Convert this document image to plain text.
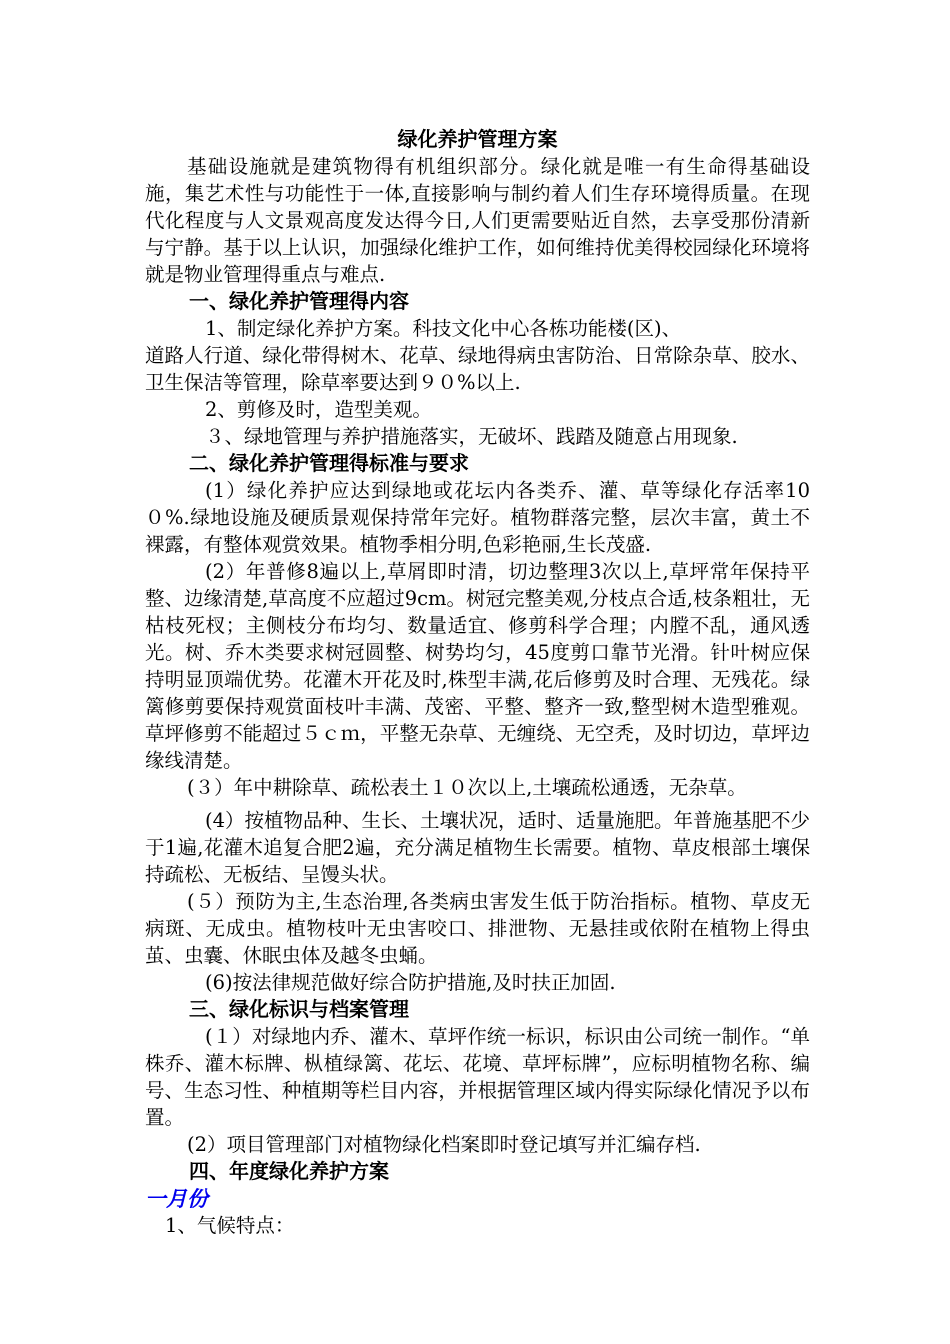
绿化养护管理方案

基础设施就是建筑物得有机组织部分。绿化就是唯一有生命得基础设施，集艺术性与功能性于一体,直接影响与制约着人们生存环境得质量。在现代化程度与人文景观高度发达得今日,人们更需要贴近自然，去享受那份清新与宁静。基于以上认识，加强绿化维护工作，如何维持优美得校园绿化环境将就是物业管理得重点与难点.

一、绿化养护管理得内容

1、制定绿化养护方案。科技文化中心各栋功能楼(区)、

道路人行道、绿化带得树木、花草、绿地得病虫害防治、日常除杂草、胶水、卫生保洁等管理，除草率要达到９０%以上.

2、剪修及时，造型美观。

３、绿地管理与养护措施落实，无破坏、践踏及随意占用现象.

二、绿化养护管理得标准与要求

(1）绿化养护应达到绿地或花坛内各类乔、灌、草等绿化存活率10０%.绿地设施及硬质景观保持常年完好。植物群落完整，层次丰富，黄土不裸露，有整体观赏效果。植物季相分明,色彩艳丽,生长茂盛.

(2）年普修8遍以上,草屑即时清，切边整理3次以上,草坪常年保持平整、边缘清楚,草高度不应超过9cm。树冠完整美观,分枝点合适,枝条粗壮，无枯枝死杈；主侧枝分布均匀、数量适宜、修剪科学合理；内膛不乱，通风透光。树、乔木类要求树冠圆整、树势均匀，45度剪口靠节光滑。针叶树应保持明显顶端优势。花灌木开花及时,株型丰满,花后修剪及时合理、无残花。绿篱修剪要保持观赏面枝叶丰满、茂密、平整、整齐一致,整型树木造型雅观。草坪修剪不能超过５ｃｍ，平整无杂草、无缠绕、无空秃，及时切边，草坪边缘线清楚。

(３）年中耕除草、疏松表土１０次以上,土壤疏松通透，无杂草。

(4）按植物品种、生长、土壤状况，适时、适量施肥。年普施基肥不少于1遍,花灌木追复合肥2遍，充分满足植物生长需要。植物、草皮根部土壤保持疏松、无板结、呈馒头状。

(５）预防为主,生态治理,各类病虫害发生低于防治指标。植物、草皮无病斑、无成虫。植物枝叶无虫害咬口、排泄物、无悬挂或依附在植物上得虫茧、虫囊、休眠虫体及越冬虫蛹。

(6)按法律规范做好综合防护措施,及时扶正加固.

三、绿化标识与档案管理

(１）对绿地内乔、灌木、草坪作统一标识，标识由公司统一制作。“单株乔、灌木标牌、枞植绿篱、花坛、花境、草坪标牌”，应标明植物名称、编号、生态习性、种植期等栏目内容，并根据管理区域内得实际绿化情况予以布置。

(2）项目管理部门对植物绿化档案即时登记填写并汇编存档.

四、年度绿化养护方案
一月份

1、气候特点：
